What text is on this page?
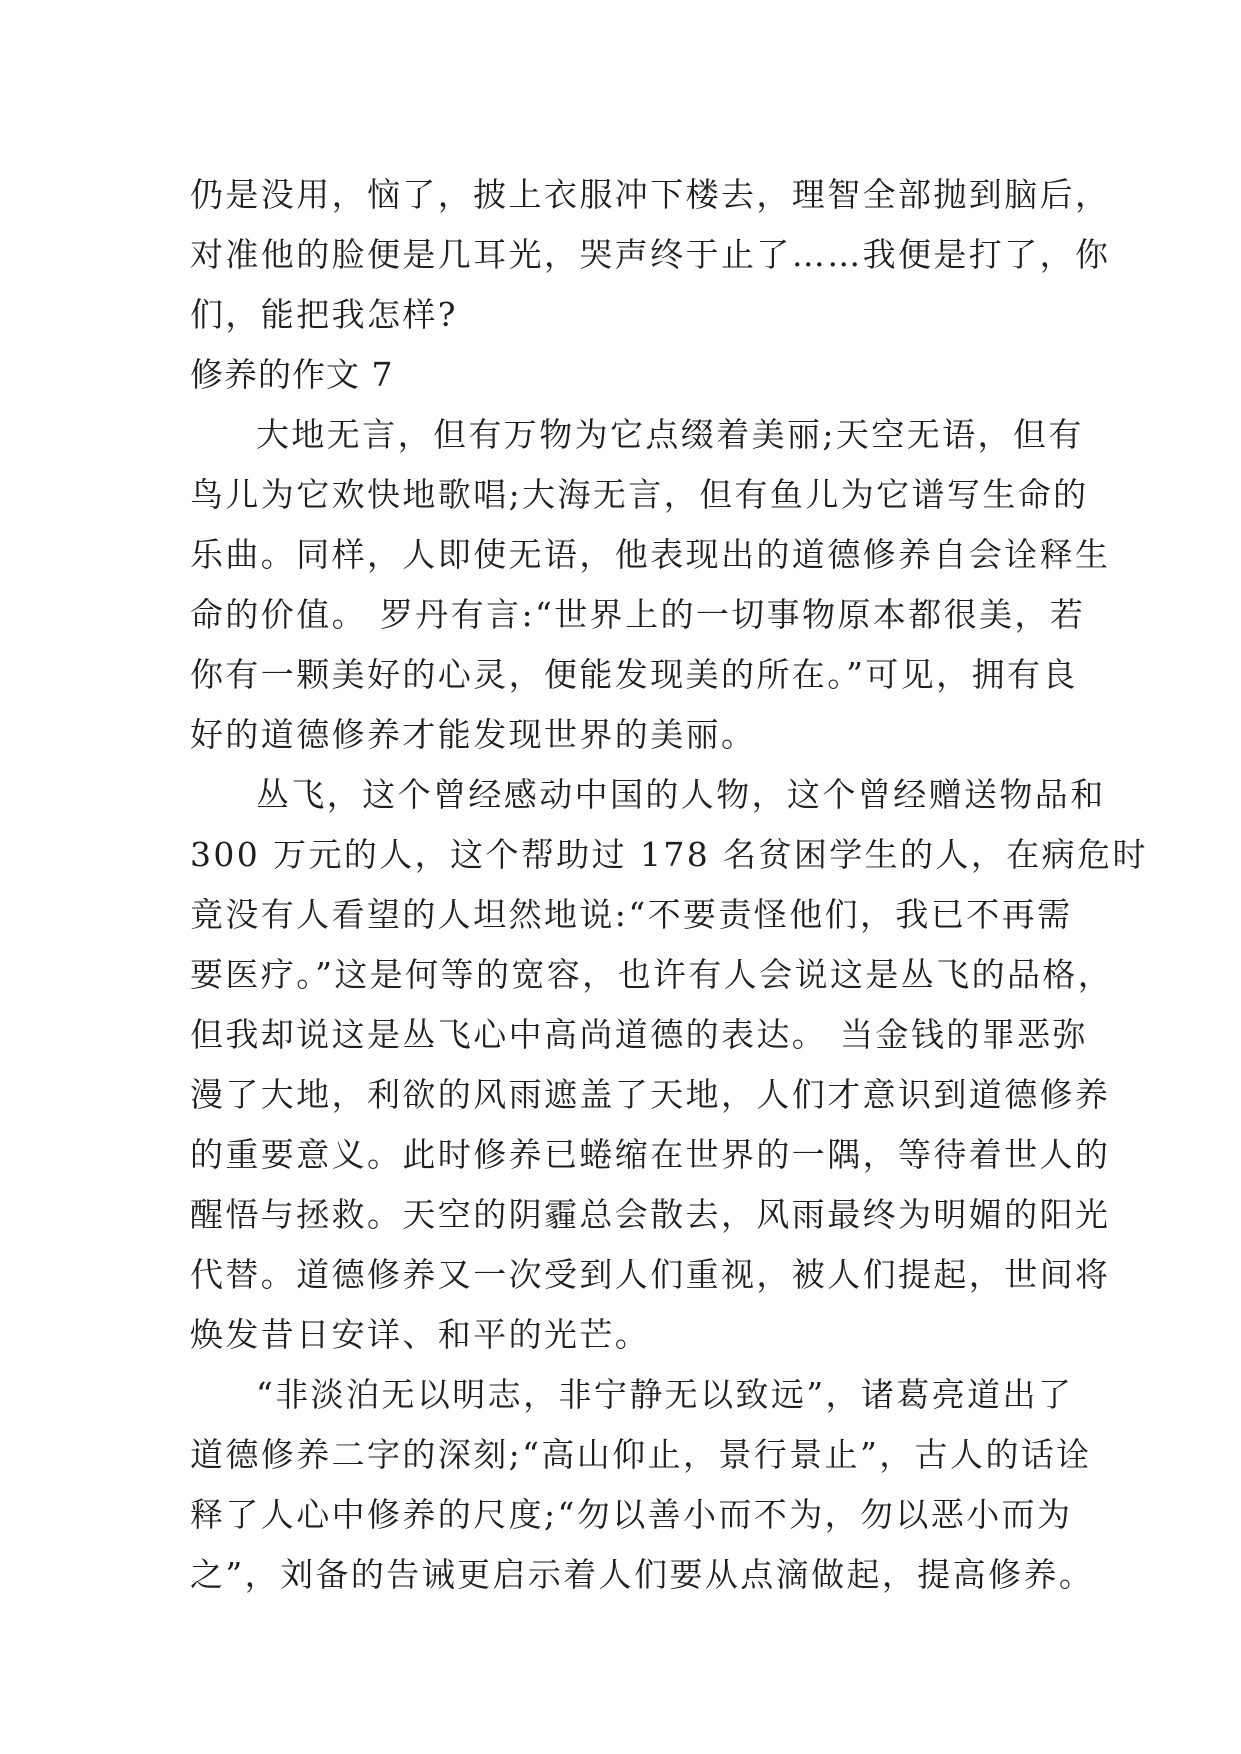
仍是没用，恼了，披上衣服冲下楼去，理智全部抛到脑后，
对准他的脸便是几耳光，哭声终于止了……我便是打了，你
们，能把我怎样?
修养的作文 7
大地无言，但有万物为它点缀着美丽;天空无语，但有
鸟儿为它欢快地歌唱;大海无言，但有鱼儿为它谱写生命的
乐曲。同样，人即使无语，他表现出的道德修养自会诠释生
命的价值。 罗丹有言:“世界上的一切事物原本都很美，若
你有一颗美好的心灵，便能发现美的所在。”可见，拥有良
好的道德修养才能发现世界的美丽。
丛飞，这个曾经感动中国的人物，这个曾经赠送物品和
300 万元的人，这个帮助过 178 名贫困学生的人，在病危时
竟没有人看望的人坦然地说:“不要责怪他们，我已不再需
要医疗。”这是何等的宽容，也许有人会说这是丛飞的品格，
但我却说这是丛飞心中高尚道德的表达。 当金钱的罪恶弥
漫了大地，利欲的风雨遮盖了天地，人们才意识到道德修养
的重要意义。此时修养已蜷缩在世界的一隅，等待着世人的
醒悟与拯救。天空的阴霾总会散去，风雨最终为明媚的阳光
代替。道德修养又一次受到人们重视，被人们提起，世间将
焕发昔日安详、和平的光芒。
“非淡泊无以明志，非宁静无以致远”，诸葛亮道出了
道德修养二字的深刻;“高山仰止，景行景止”，古人的话诠
释了人心中修养的尺度;“勿以善小而不为，勿以恶小而为
之”，刘备的告诫更启示着人们要从点滴做起，提高修养。
